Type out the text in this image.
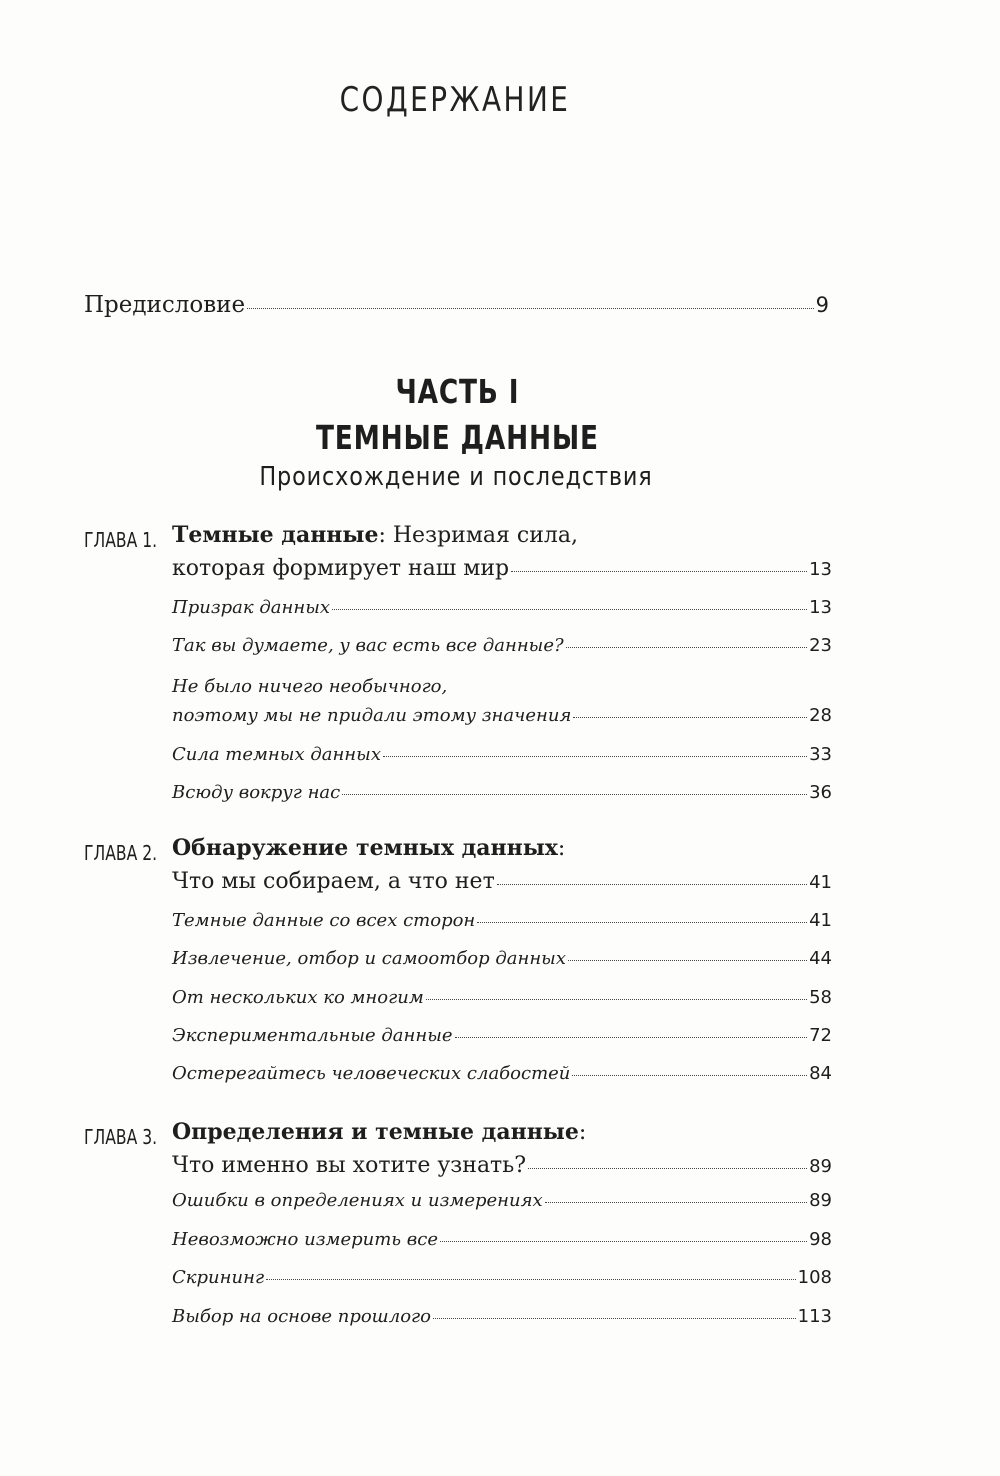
СОДЕРЖАНИЕ
Предисловие	9
ЧАСТЬ I
ТЕМНЫЕ ДАННЫЕ
Происхождение и последствия
ГЛАВА 1. Темные данные: Незримая сила,
которая формирует наш мир	13
Призрак данных	13
Так вы думаете, у вас есть все данные?	23
Не было ничего необычного,
поэтому мы не придали этому значения	28
Сила темных данных	33
Всюду вокруг нас	36
ГЛАВА 2. Обнаружение темных данных:
Что мы собираем, а что нет	41
Темные данные со всех сторон	41
Извлечение, отбор и самоотбор данных	44
От нескольких ко многим	58
Экспериментальные данные	72
Остерегайтесь человеческих слабостей	84
ГЛАВА 3. Определения и темные данные:
Что именно вы хотите узнать?	89
Ошибки в определениях и измерениях	89
Невозможно измерить все	98
Скрининг	108
Выбор на основе прошлого	113
